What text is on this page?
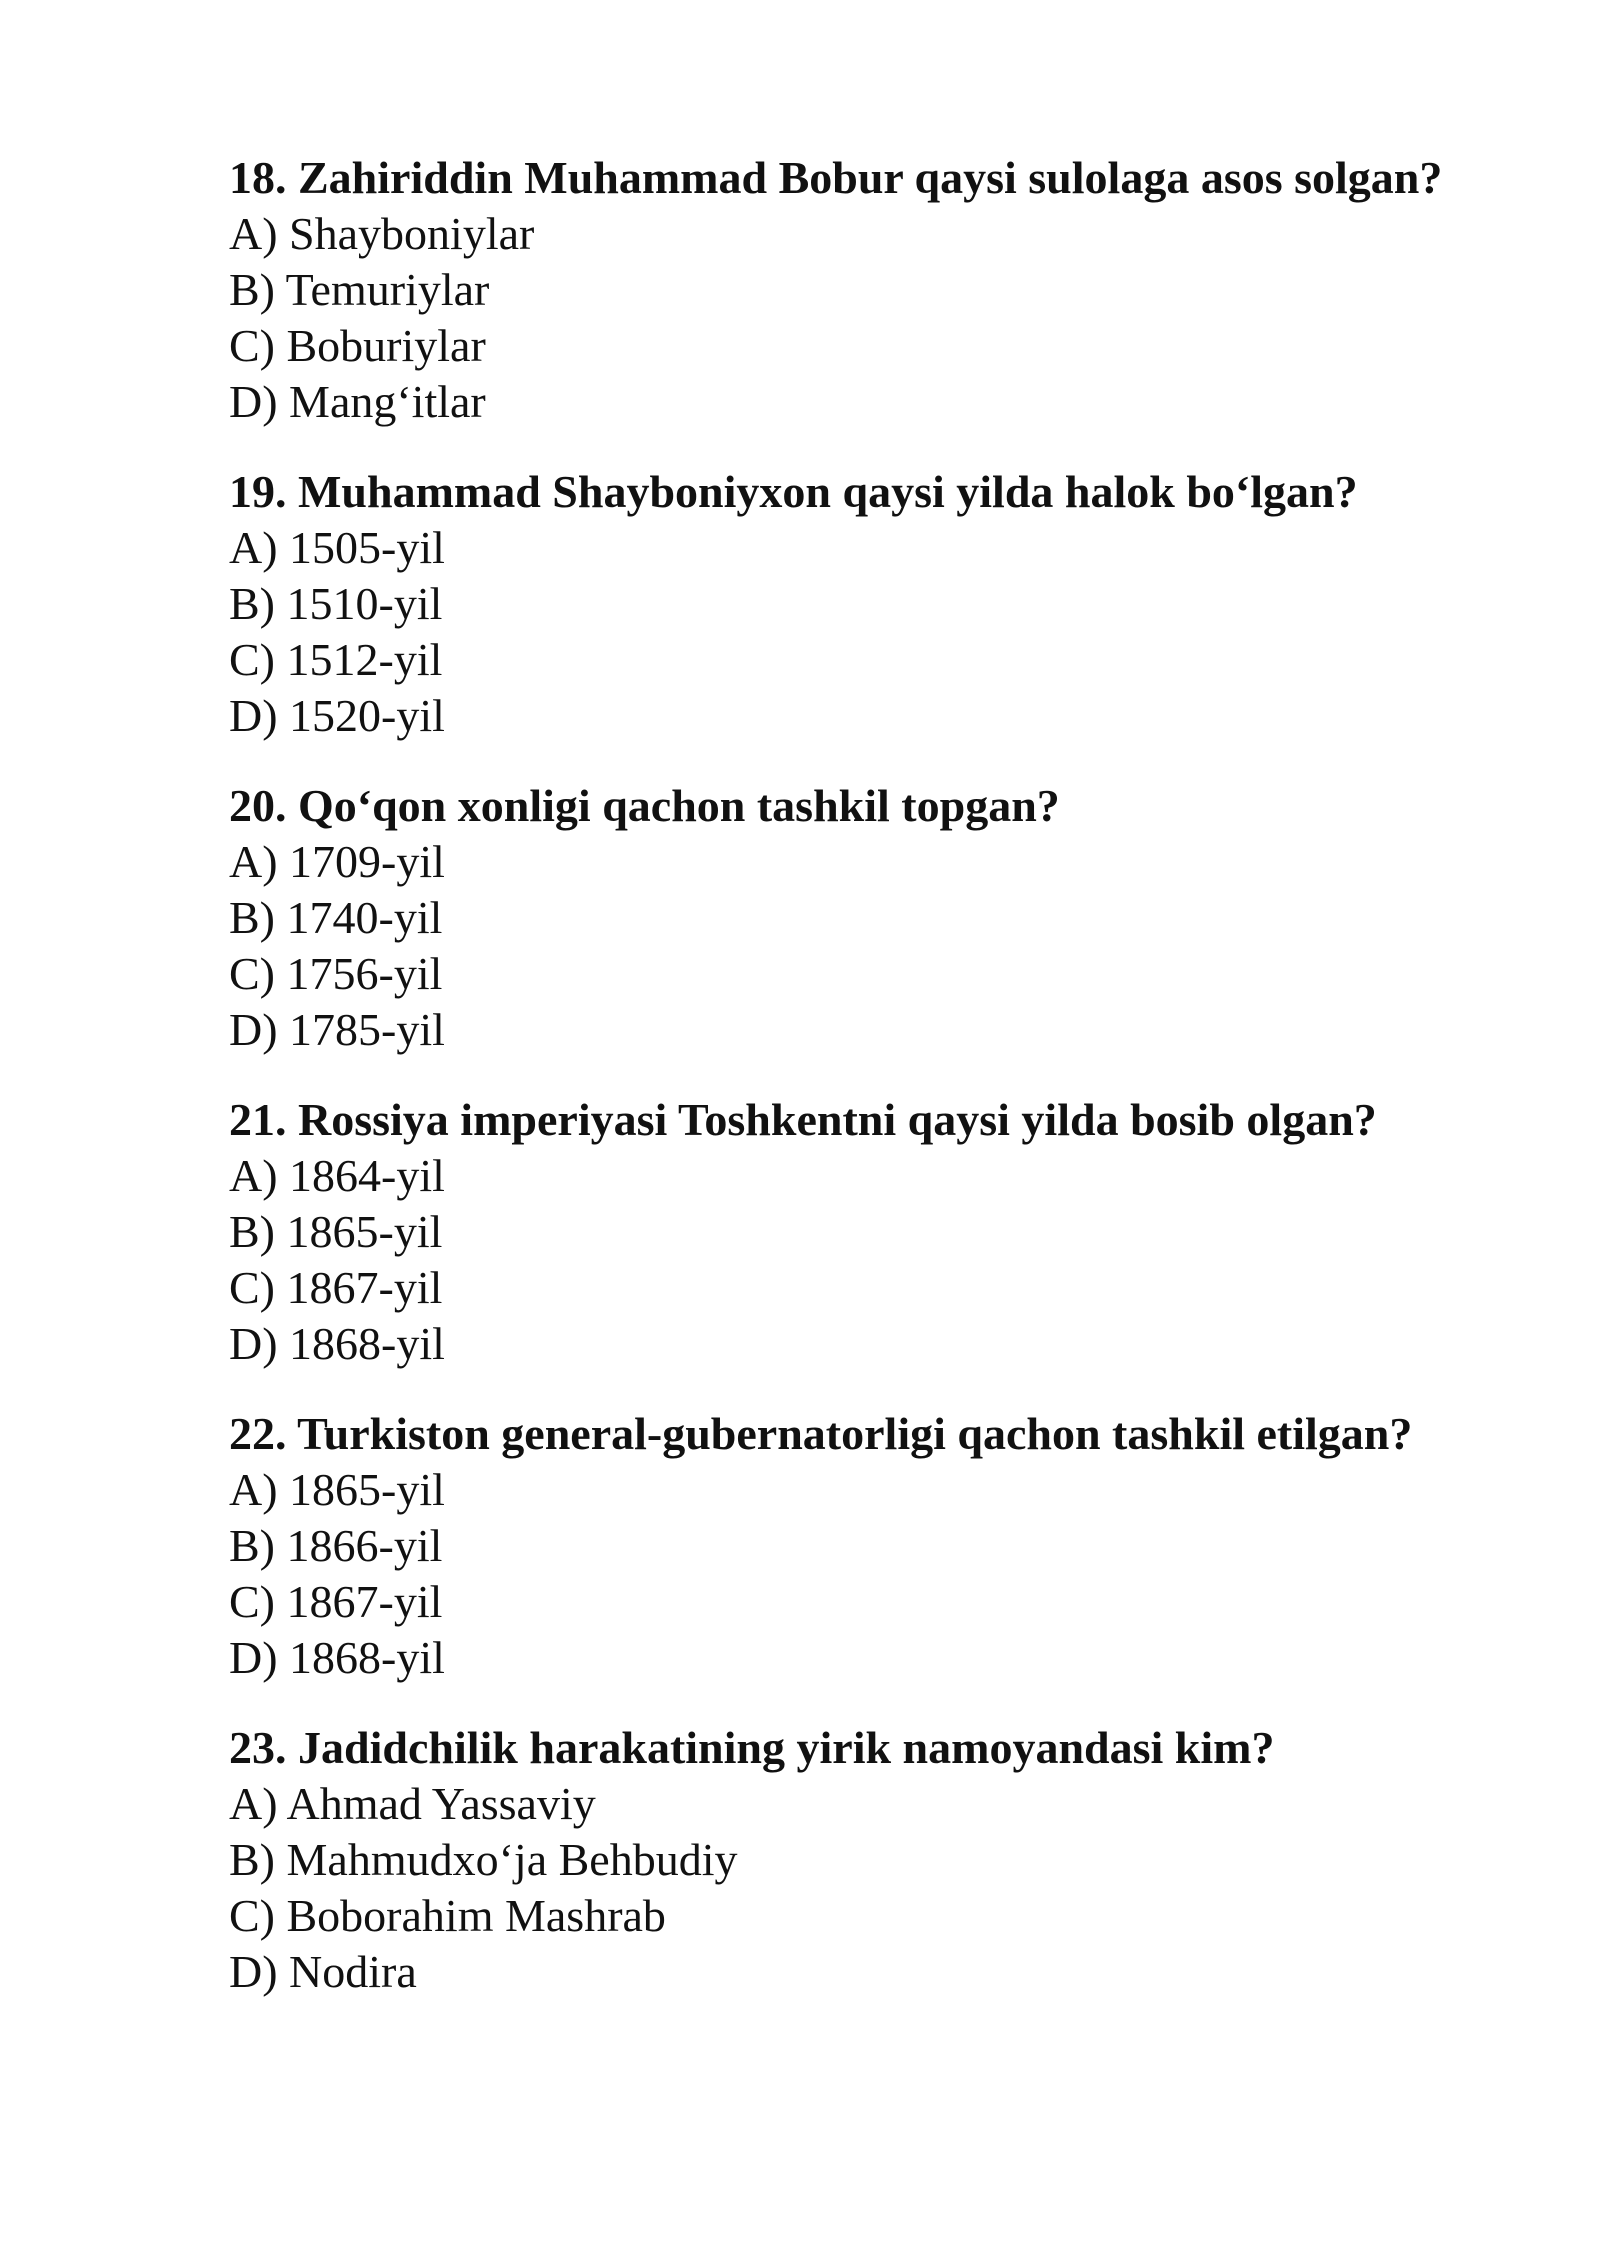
18. Zahiriddin Muhammad Bobur qaysi sulolaga asos solgan?

A) Shayboniylar
B) Temuriylar
C) Boburiylar
D) Mang‘itlar

19. Muhammad Shayboniyxon qaysi yilda halok bo‘lgan?

A) 1505-yil
B) 1510-yil
C) 1512-yil
D) 1520-yil

20. Qo‘qon xonligi qachon tashkil topgan?

A) 1709-yil
B) 1740-yil
C) 1756-yil
D) 1785-yil

21. Rossiya imperiyasi Toshkentni qaysi yilda bosib olgan?

A) 1864-yil
B) 1865-yil
C) 1867-yil
D) 1868-yil

22. Turkiston general-gubernatorligi qachon tashkil etilgan?

A) 1865-yil
B) 1866-yil
C) 1867-yil
D) 1868-yil

23. Jadidchilik harakatining yirik namoyandasi kim?

A) Ahmad Yassaviy
B) Mahmudxo‘ja Behbudiy
C) Boborahim Mashrab
D) Nodira
